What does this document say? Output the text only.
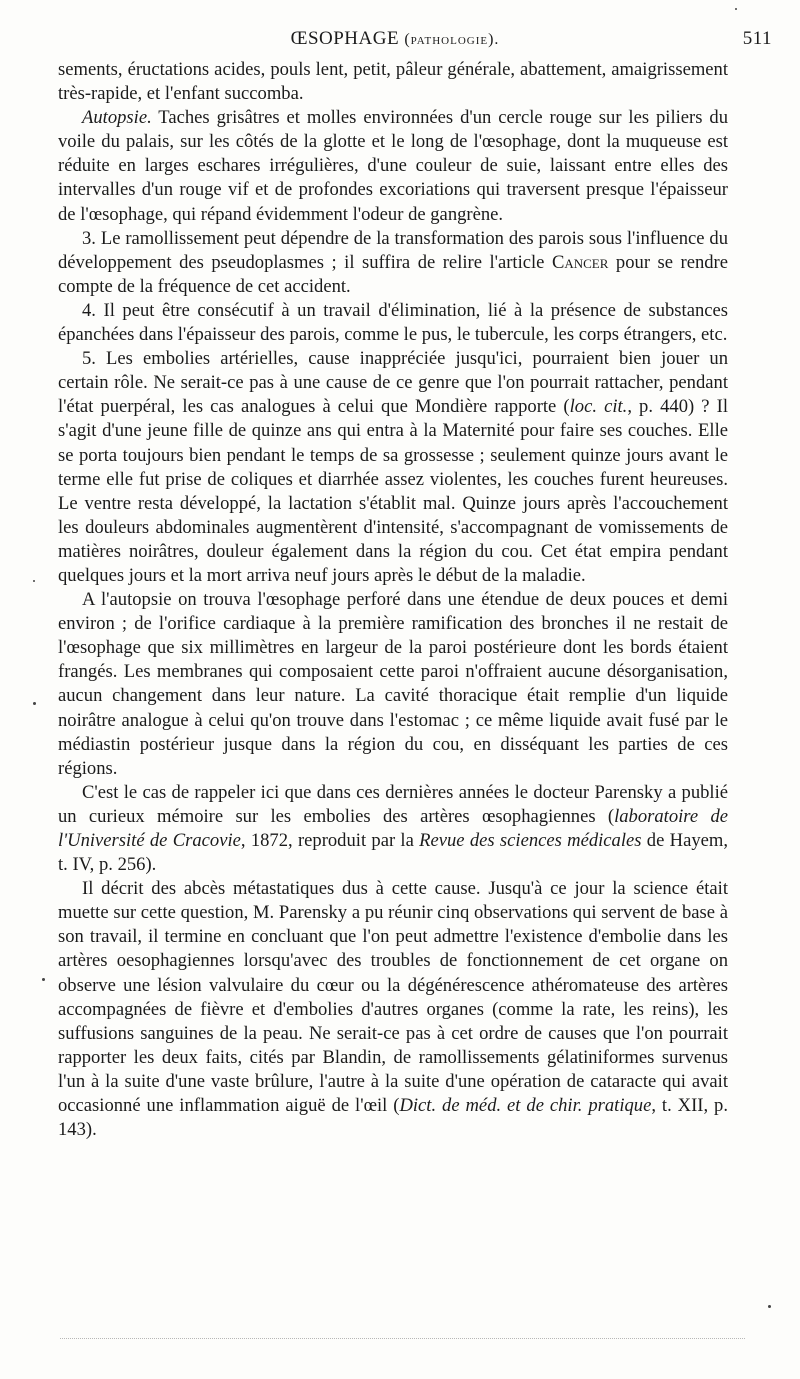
ŒSOPHAGE (pathologie).	511

sements, éructations acides, pouls lent, petit, pâleur générale, abattement, amaigrissement très-rapide, et l'enfant succomba.

Autopsie. Taches grisâtres et molles environnées d'un cercle rouge sur les piliers du voile du palais, sur les côtés de la glotte et le long de l'œsophage, dont la muqueuse est réduite en larges eschares irrégulières, d'une couleur de suie, laissant entre elles des intervalles d'un rouge vif et de profondes excoriations qui traversent presque l'épaisseur de l'œsophage, qui répand évidemment l'odeur de gangrène.

3. Le ramollissement peut dépendre de la transformation des parois sous l'influence du développement des pseudoplasmes ; il suffira de relire l'article Cancer pour se rendre compte de la fréquence de cet accident.

4. Il peut être consécutif à un travail d'élimination, lié à la présence de substances épanchées dans l'épaisseur des parois, comme le pus, le tubercule, les corps étrangers, etc.

5. Les embolies artérielles, cause inappréciée jusqu'ici, pourraient bien jouer un certain rôle. Ne serait-ce pas à une cause de ce genre que l'on pourrait rattacher, pendant l'état puerpéral, les cas analogues à celui que Mondière rapporte (loc. cit., p. 440) ? Il s'agit d'une jeune fille de quinze ans qui entra à la Maternité pour faire ses couches. Elle se porta toujours bien pendant le temps de sa grossesse ; seulement quinze jours avant le terme elle fut prise de coliques et diarrhée assez violentes, les couches furent heureuses. Le ventre resta développé, la lactation s'établit mal. Quinze jours après l'accouchement les douleurs abdominales augmentèrent d'intensité, s'accompagnant de vomissements de matières noirâtres, douleur également dans la région du cou. Cet état empira pendant quelques jours et la mort arriva neuf jours après le début de la maladie.

A l'autopsie on trouva l'œsophage perforé dans une étendue de deux pouces et demi environ ; de l'orifice cardiaque à la première ramification des bronches il ne restait de l'œsophage que six millimètres en largeur de la paroi postérieure dont les bords étaient frangés. Les membranes qui composaient cette paroi n'offraient aucune désorganisation, aucun changement dans leur nature. La cavité thoracique était remplie d'un liquide noirâtre analogue à celui qu'on trouve dans l'estomac ; ce même liquide avait fusé par le médiastin postérieur jusque dans la région du cou, en disséquant les parties de ces régions.

C'est le cas de rappeler ici que dans ces dernières années le docteur Parensky a publié un curieux mémoire sur les embolies des artères œsophagiennes (laboratoire de l'Université de Cracovie, 1872, reproduit par la Revue des sciences médicales de Hayem, t. IV, p. 256).

Il décrit des abcès métastatiques dus à cette cause. Jusqu'à ce jour la science était muette sur cette question, M. Parensky a pu réunir cinq observations qui servent de base à son travail, il termine en concluant que l'on peut admettre l'existence d'embolie dans les artères oesophagiennes lorsqu'avec des troubles de fonctionnement de cet organe on observe une lésion valvulaire du cœur ou la dégénérescence athéromateuse des artères accompagnées de fièvre et d'embolies d'autres organes (comme la rate, les reins), les suffusions sanguines de la peau. Ne serait-ce pas à cet ordre de causes que l'on pourrait rapporter les deux faits, cités par Blandin, de ramollissements gélatiniformes survenus l'un à la suite d'une vaste brûlure, l'autre à la suite d'une opération de cataracte qui avait occasionné une inflammation aiguë de l'œil (Dict. de méd. et de chir. pratique, t. XII, p. 143).
